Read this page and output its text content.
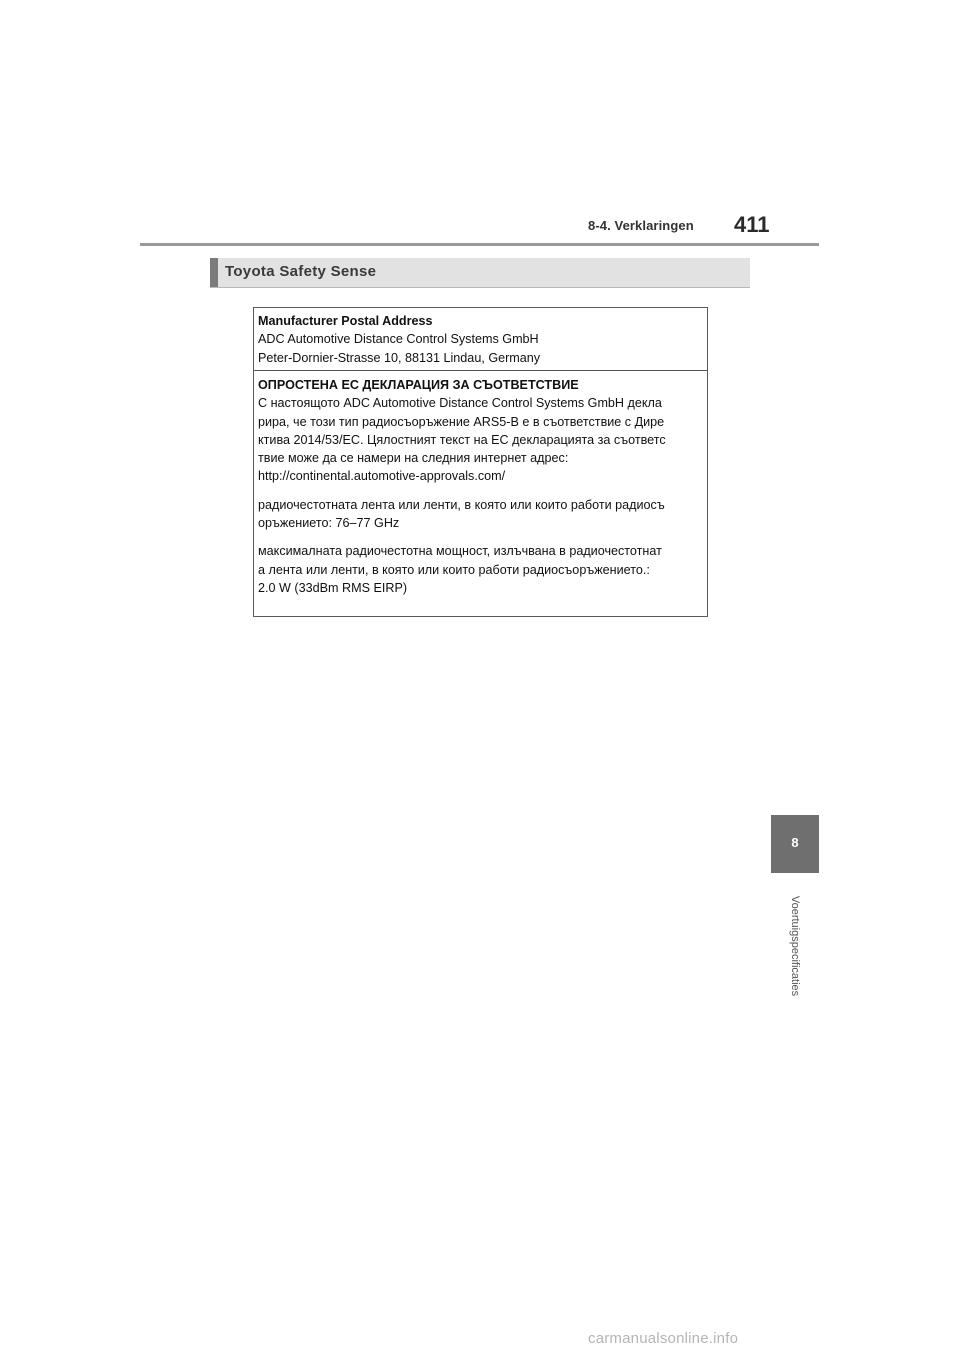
8-4. Verklaringen 411
Toyota Safety Sense
Manufacturer Postal Address
ADC Automotive Distance Control Systems GmbH
Peter-Dornier-Strasse 10, 88131 Lindau, Germany
ОПРОСТЕНА ЕС ДЕКЛАРАЦИЯ ЗА СЪОТВЕТСТВИЕ
С настоящото ADC Automotive Distance Control Systems GmbH декла
рира, че този тип радиосъоръжение ARS5-B е в съответствие с Дире
ктива 2014/53/ЕС. Цялостният текст на ЕС декларацията за съответс
твие може да се намери на следния интернет адрес:
http://continental.automotive-approvals.com/
радиочестотната лента или ленти, в която или които работи радиосъ
оръжението: 76–77 GHz
максималната радиочестотна мощност, излъчвана в радиочестотнат
а лента или ленти, в която или които работи радиосъоръжението.:
2.0 W (33dBm RMS EIRP)
8
Voertuigspecificaties
carmanualsonline.info
